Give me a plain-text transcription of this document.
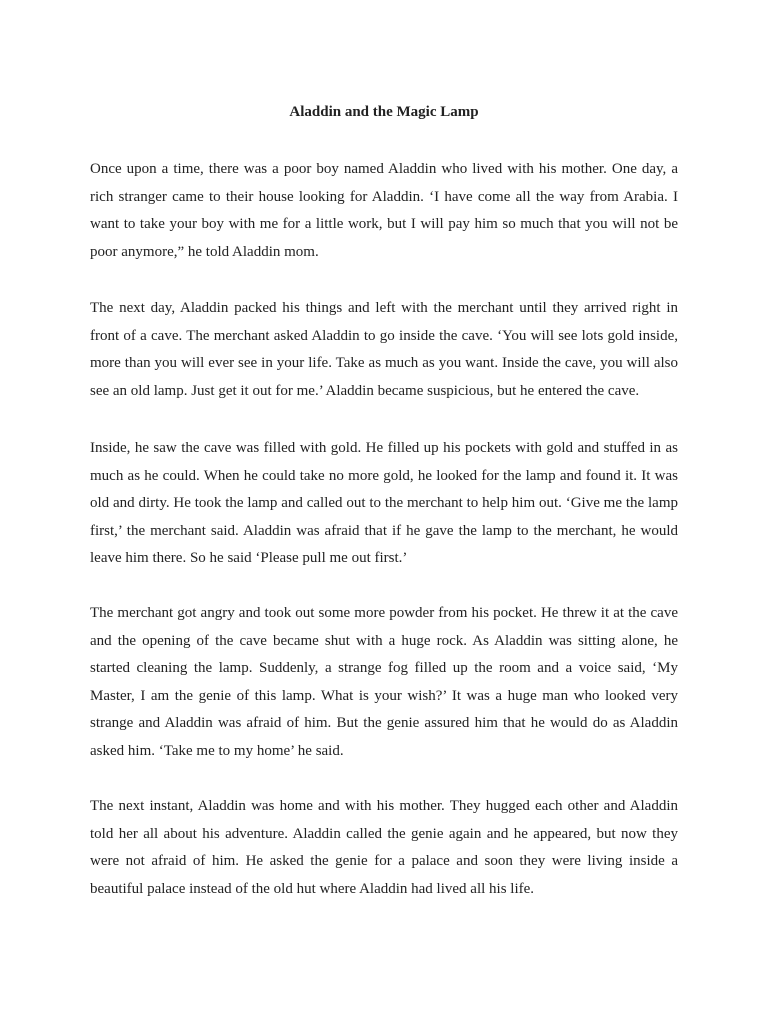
Aladdin and the Magic Lamp

Once upon a time, there was a poor boy named Aladdin who lived with his mother. One day, a rich stranger came to their house looking for Aladdin. ‘I have come all the way from Arabia. I want to take your boy with me for a little work, but I will pay him so much that you will not be poor anymore,” he told Aladdin mom.

The next day, Aladdin packed his things and left with the merchant until they arrived right in front of a cave. The merchant asked Aladdin to go inside the cave. ‘You will see lots gold inside, more than you will ever see in your life. Take as much as you want. Inside the cave, you will also see an old lamp. Just get it out for me.’ Aladdin became suspicious, but he entered the cave.

Inside, he saw the cave was filled with gold. He filled up his pockets with gold and stuffed in as much as he could. When he could take no more gold, he looked for the lamp and found it. It was old and dirty. He took the lamp and called out to the merchant to help him out. ‘Give me the lamp first,’ the merchant said. Aladdin was afraid that if he gave the lamp to the merchant, he would leave him there. So he said ‘Please pull me out first.’

The merchant got angry and took out some more powder from his pocket. He threw it at the cave and the opening of the cave became shut with a huge rock. As Aladdin was sitting alone, he started cleaning the lamp. Suddenly, a strange fog filled up the room and a voice said, ‘My Master, I am the genie of this lamp. What is your wish?’ It was a huge man who looked very strange and Aladdin was afraid of him. But the genie assured him that he would do as Aladdin asked him. ‘Take me to my home’ he said.

The next instant, Aladdin was home and with his mother. They hugged each other and Aladdin told her all about his adventure. Aladdin called the genie again and he appeared, but now they were not afraid of him. He asked the genie for a palace and soon they were living inside a beautiful palace instead of the old hut where Aladdin had lived all his life.
